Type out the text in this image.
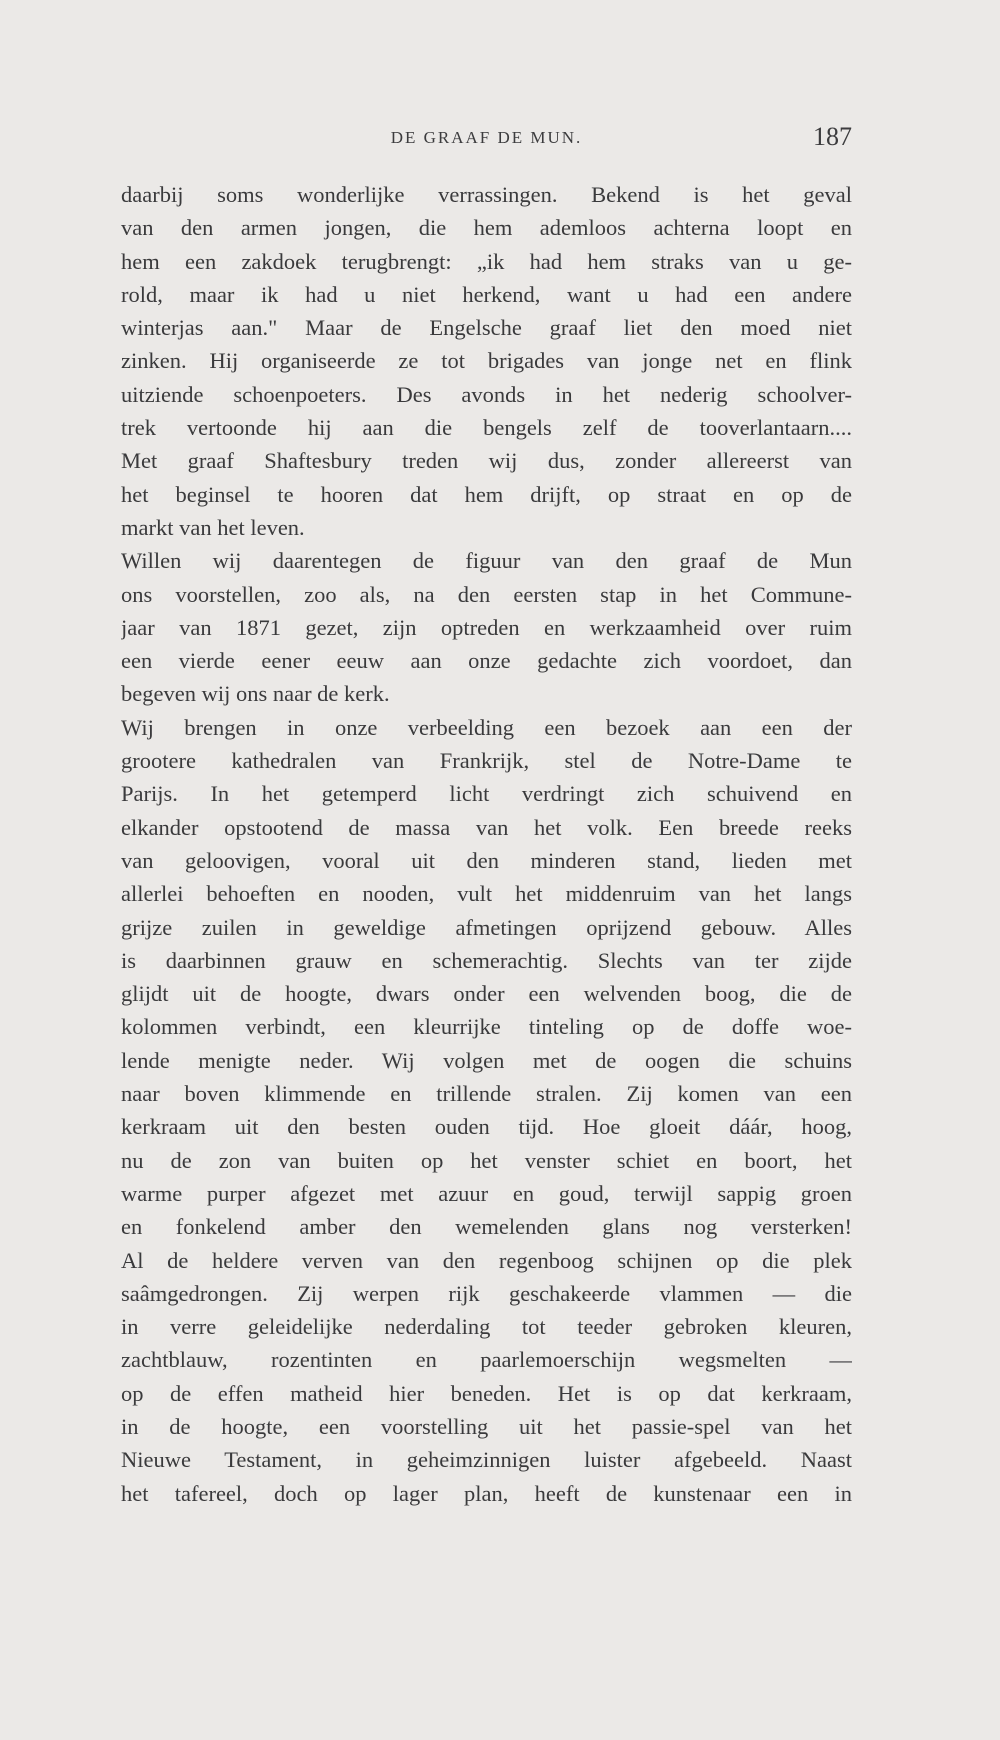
DE GRAAF DE MUN.	187
daarbij soms wonderlijke verrassingen. Bekend is het geval
van den armen jongen, die hem ademloos achterna loopt en
hem een zakdoek terugbrengt: „ik had hem straks van u ge-
rold, maar ik had u niet herkend, want u had een andere
winterjas aan." Maar de Engelsche graaf liet den moed niet
zinken. Hij organiseerde ze tot brigades van jonge net en flink
uitziende schoenpoeters. Des avonds in het nederig schoolver-
trek vertoonde hij aan die bengels zelf de tooverlantaarn....
Met graaf Shaftesbury treden wij dus, zonder allereerst van
het beginsel te hooren dat hem drijft, op straat en op de
markt van het leven.
Willen wij daarentegen de figuur van den graaf de Mun
ons voorstellen, zoo als, na den eersten stap in het Commune-
jaar van 1871 gezet, zijn optreden en werkzaamheid over ruim
een vierde eener eeuw aan onze gedachte zich voordoet, dan
begeven wij ons naar de kerk.
Wij brengen in onze verbeelding een bezoek aan een der
grootere kathedralen van Frankrijk, stel de Notre-Dame te
Parijs. In het getemperd licht verdringt zich schuivend en
elkander opstootend de massa van het volk. Een breede reeks
van geloovigen, vooral uit den minderen stand, lieden met
allerlei behoeften en nooden, vult het middenruim van het langs
grijze zuilen in geweldige afmetingen oprijzend gebouw. Alles
is daarbinnen grauw en schemerachtig. Slechts van ter zijde
glijdt uit de hoogte, dwars onder een welvenden boog, die de
kolommen verbindt, een kleurrijke tinteling op de doffe woe-
lende menigte neder. Wij volgen met de oogen die schuins
naar boven klimmende en trillende stralen. Zij komen van een
kerkraam uit den besten ouden tijd. Hoe gloeit dáár, hoog,
nu de zon van buiten op het venster schiet en boort, het
warme purper afgezet met azuur en goud, terwijl sappig groen
en fonkelend amber den wemelenden glans nog versterken!
Al de heldere verven van den regenboog schijnen op die plek
saâmgedrongen. Zij werpen rijk geschakeerde vlammen — die
in verre geleidelijke nederdaling tot teeder gebroken kleuren,
zachtblauw, rozentinten en paarlemoerschijn wegsmelten —
op de effen matheid hier beneden. Het is op dat kerkraam,
in de hoogte, een voorstelling uit het passie-spel van het
Nieuwe Testament, in geheimzinnigen luister afgebeeld. Naast
het tafereel, doch op lager plan, heeft de kunstenaar een in
